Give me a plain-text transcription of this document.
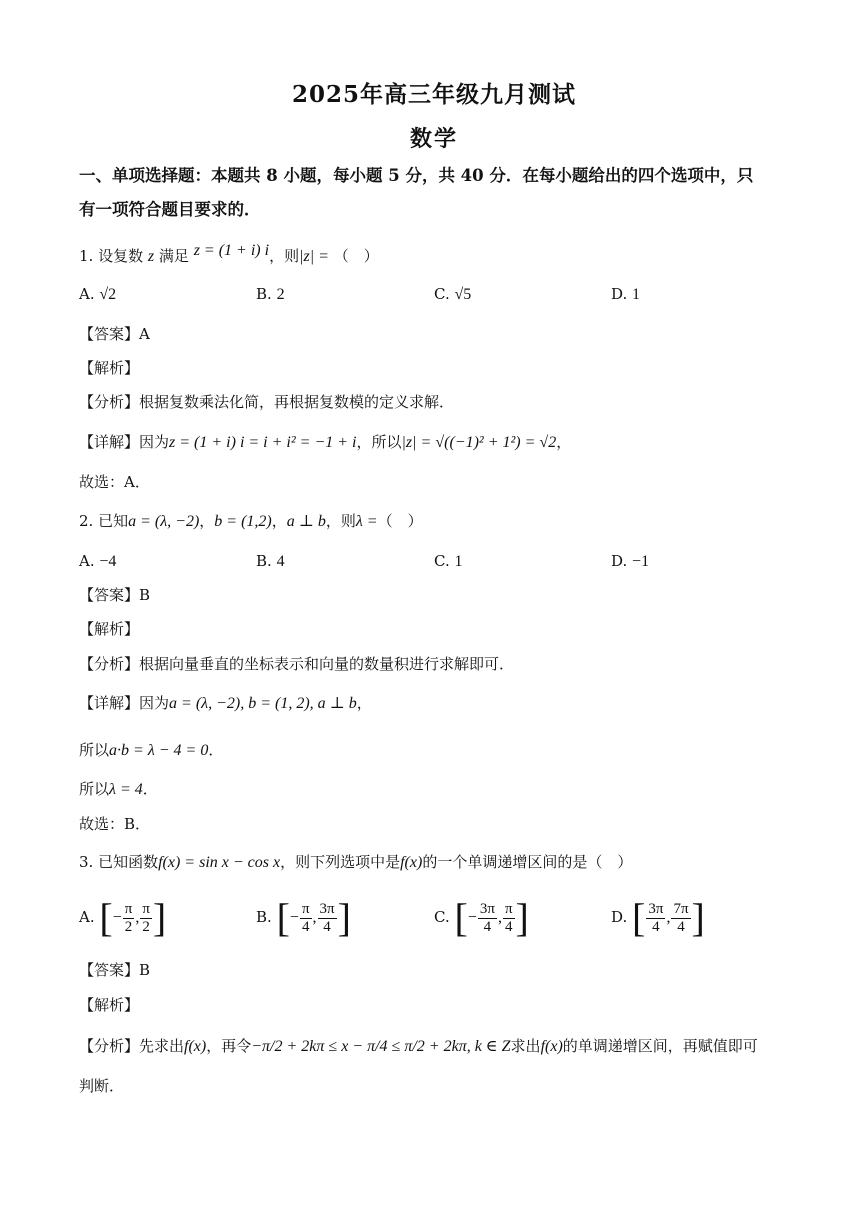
2025年高三年级九月测试
数学
一、单项选择题：本题共 8 小题，每小题 5 分，共 40 分．在每小题给出的四个选项中，只
有一项符合题目要求的．
1. 设复数 z 满足 z = (1 + i) i，则|z| = （　）
A. √2	B. 2	C. √5	D. 1
【答案】A
【解析】
【分析】根据复数乘法化简，再根据复数模的定义求解．
【详解】因为z = (1 + i) i = i + i² = −1 + i，所以|z| = √((−1)² + 1²) = √2，
故选：A．
2. 已知a = (λ, −2)，b = (1,2)，a ⊥ b，则λ =（　）
A. −4	B. 4	C. 1	D. −1
【答案】B
【解析】
【分析】根据向量垂直的坐标表示和向量的数量积进行求解即可．
【详解】因为a = (λ, −2), b = (1, 2), a ⊥ b，
所以a·b = λ − 4 = 0．
所以λ = 4．
故选：B．
3. 已知函数f(x) = sin x − cos x，则下列选项中是f(x)的一个单调递增区间的是（　）
A. [− $\frac{\pi}{2}$ , $\frac{\pi}{2}$ ]	B. [− $\frac{\pi}{4}$ , $\frac{3\pi}{4}$ ]	C. [− $\frac{3\pi}{4}$ , $\frac{\pi}{4}$ ]	D. [ $\frac{3\pi}{4}$ , $\frac{7\pi}{4}$ ]
【答案】B
【解析】
【分析】先求出f(x)，再令−π/2 + 2kπ ≤ x − π/4 ≤ π/2 + 2kπ, k ∈ Z求出f(x)的单调递增区间，再赋值即可
判断．
